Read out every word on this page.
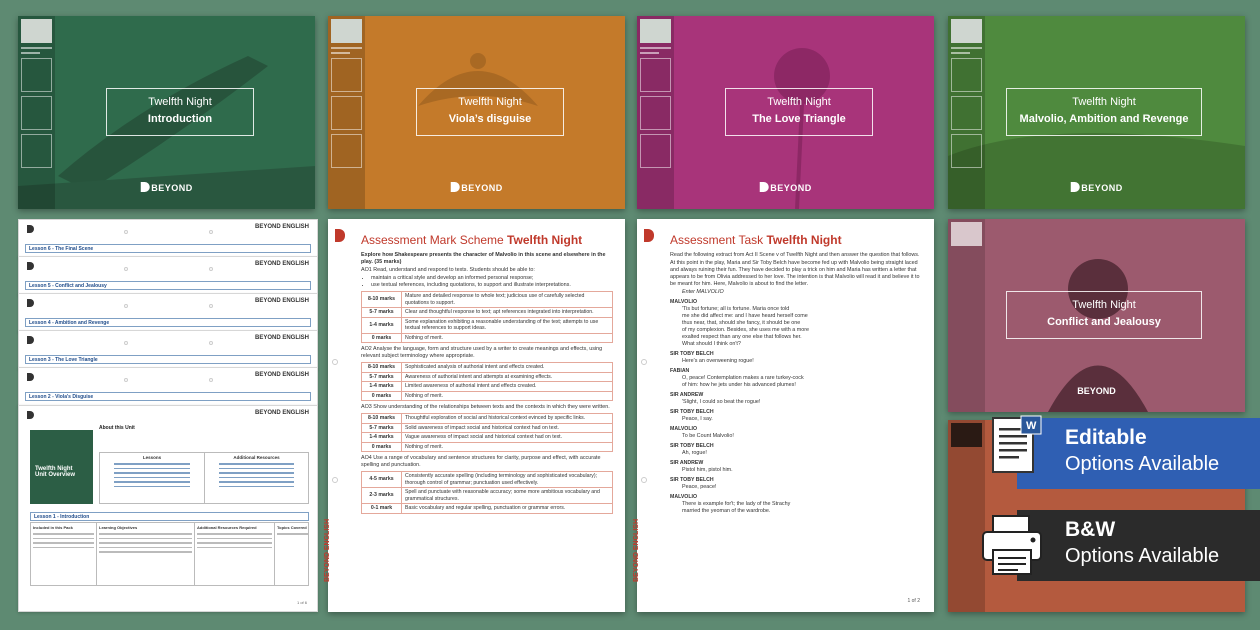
Twelfth Night
Introduction
BEYOND
Twelfth Night
Viola’s disguise
BEYOND
Twelfth Night
The Love Triangle
BEYOND
Twelfth Night
Malvolio, Ambition and Revenge
BEYOND
BEYOND ENGLISH
Lesson 6 - The Final Scene
BEYOND ENGLISH
Lesson 5 - Conflict and Jealousy
BEYOND ENGLISH
Lesson 4 - Ambition and Revenge
BEYOND ENGLISH
Lesson 3 - The Love Triangle
BEYOND ENGLISH
Lesson 2 - Viola's Disguise
BEYOND ENGLISH
Twelfth Night
Unit Overview
About this Unit
Lessons	Additional Resources
Lesson 1 - Introduction
Included in this Pack	Learning Objectives	Additional Resources Required	Topics Covered
1 of 6
BEYOND ENGLISH
Assessment Mark Scheme Twelfth Night

Explore how Shakespeare presents the character of Malvolio in this scene and elsewhere in the play. (35 marks)

AO1 Read, understand and respond to texts. Students should be able to:

• maintain a critical style and develop an informed personal response;
• use textual references, including quotations, to support and illustrate interpretations.
8-10 marks	Mature and detailed response to whole text; judicious use of carefully selected quotations to support.
5-7 marks	Clear and thoughtful response to text; apt references integrated into interpretation.
1-4 marks	Some explanation exhibiting a reasonable understanding of the text; attempts to use textual references to support ideas.
0 marks	Nothing of merit.

AO2 Analyse the language, form and structure used by a writer to create meanings and effects, using relevant subject terminology where appropriate.

8-10 marks	Sophisticated analysis of authorial intent and effects created.
5-7 marks	Awareness of authorial intent and attempts at examining effects.
1-4 marks	Limited awareness of authorial intent and effects created.
0 marks	Nothing of merit.

AO3 Show understanding of the relationships between texts and the contexts in which they were written.

8-10 marks	Thoughtful exploration of social and historical context evinced by specific links.
5-7 marks	Solid awareness of impact social and historical context had on text.
1-4 marks	Vague awareness of impact social and historical context had on text.
0 marks	Nothing of merit.

AO4 Use a range of vocabulary and sentence structures for clarity, purpose and effect, with accurate spelling and punctuation.

4-5 marks	Consistently accurate spelling (including terminology and sophisticated vocabulary); thorough control of grammar; punctuation used effectively.
2-3 marks	Spell and punctuate with reasonable accuracy; some more ambitious vocabulary and grammatical structures.
0-1 mark	Basic vocabulary and regular spelling, punctuation or grammar errors.
BEYOND ENGLISH
Assessment Task Twelfth Night

Read the following extract from Act II Scene v of Twelfth Night and then answer the question that follows.

At this point in the play, Maria and Sir Toby Belch have become fed up with Malvolio being straight laced and always ruining their fun. They have decided to play a trick on him and Maria has written a letter that appears to be from Olivia addressed to her love. The intention is that Malvolio will read it and believe it to be meant for him. Here, Malvolio is about to find the letter.

Enter MALVOLIO

MALVOLIO
'Tis but fortune; all is fortune. Maria once told
me she did affect me: and I have heard herself come
thus near, that, should she fancy, it should be one
of my complexion. Besides, she uses me with a more
exalted respect than any one else that follows her.
What should I think on't?
SIR TOBY BELCH
Here's an overweening rogue!
FABIAN
O, peace! Contemplation makes a rare turkey-cock
of him: how he jets under his advanced plumes!
SIR ANDREW
'Slight, I could so beat the rogue!
SIR TOBY BELCH
Peace, I say.
MALVOLIO
To be Count Malvolio!
SIR TOBY BELCH
Ah, rogue!
SIR ANDREW
Pistol him, pistol him.
SIR TOBY BELCH
Peace, peace!
MALVOLIO
There is example for't; the lady of the Strachy
married the yeoman of the wardrobe.
1 of 2
Twelfth Night
Conflict and Jealousy
BEYOND
W Editable
Options Available
B&W
Options Available
